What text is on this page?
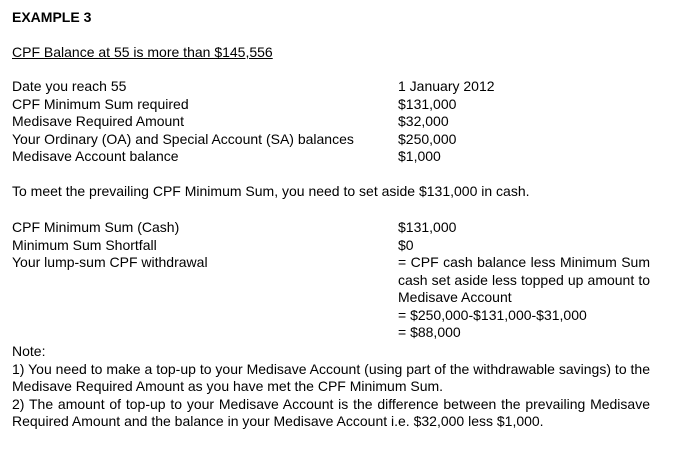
EXAMPLE 3
CPF Balance at 55 is more than $145,556
Date you reach 55	1 January 2012
CPF Minimum Sum required	$131,000
Medisave Required Amount	$32,000
Your Ordinary (OA) and Special Account (SA) balances	$250,000
Medisave Account balance	$1,000
To meet the prevailing CPF Minimum Sum, you need to set aside $131,000 in cash.
CPF Minimum Sum (Cash)	$131,000
Minimum Sum Shortfall	$0
Your lump-sum CPF withdrawal	= CPF cash balance less Minimum Sum cash set aside less topped up amount to Medisave Account
= $250,000-$131,000-$31,000
= $88,000
Note:
1) You need to make a top-up to your Medisave Account (using part of the withdrawable savings) to the Medisave Required Amount as you have met the CPF Minimum Sum.
2) The amount of top-up to your Medisave Account is the difference between the prevailing Medisave Required Amount and the balance in your Medisave Account i.e. $32,000 less $1,000.
